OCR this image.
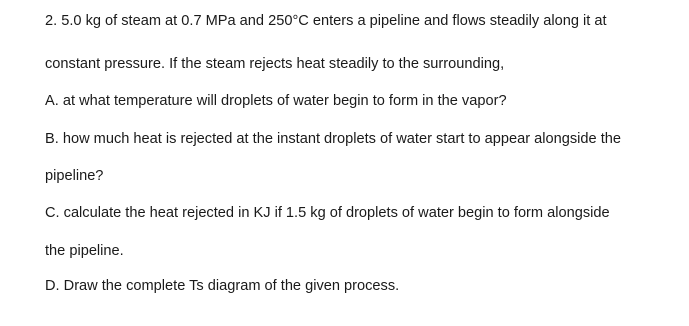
2. 5.0 kg of steam at 0.7 MPa and 250°C enters a pipeline and flows steadily along it at
constant pressure. If the steam rejects heat steadily to the surrounding,
A. at what temperature will droplets of water begin to form in the vapor?
B. how much heat is rejected at the instant droplets of water start to appear alongside the
pipeline?
C. calculate the heat rejected in KJ if 1.5 kg of droplets of water begin to form alongside
the pipeline.
D. Draw the complete Ts diagram of the given process.
